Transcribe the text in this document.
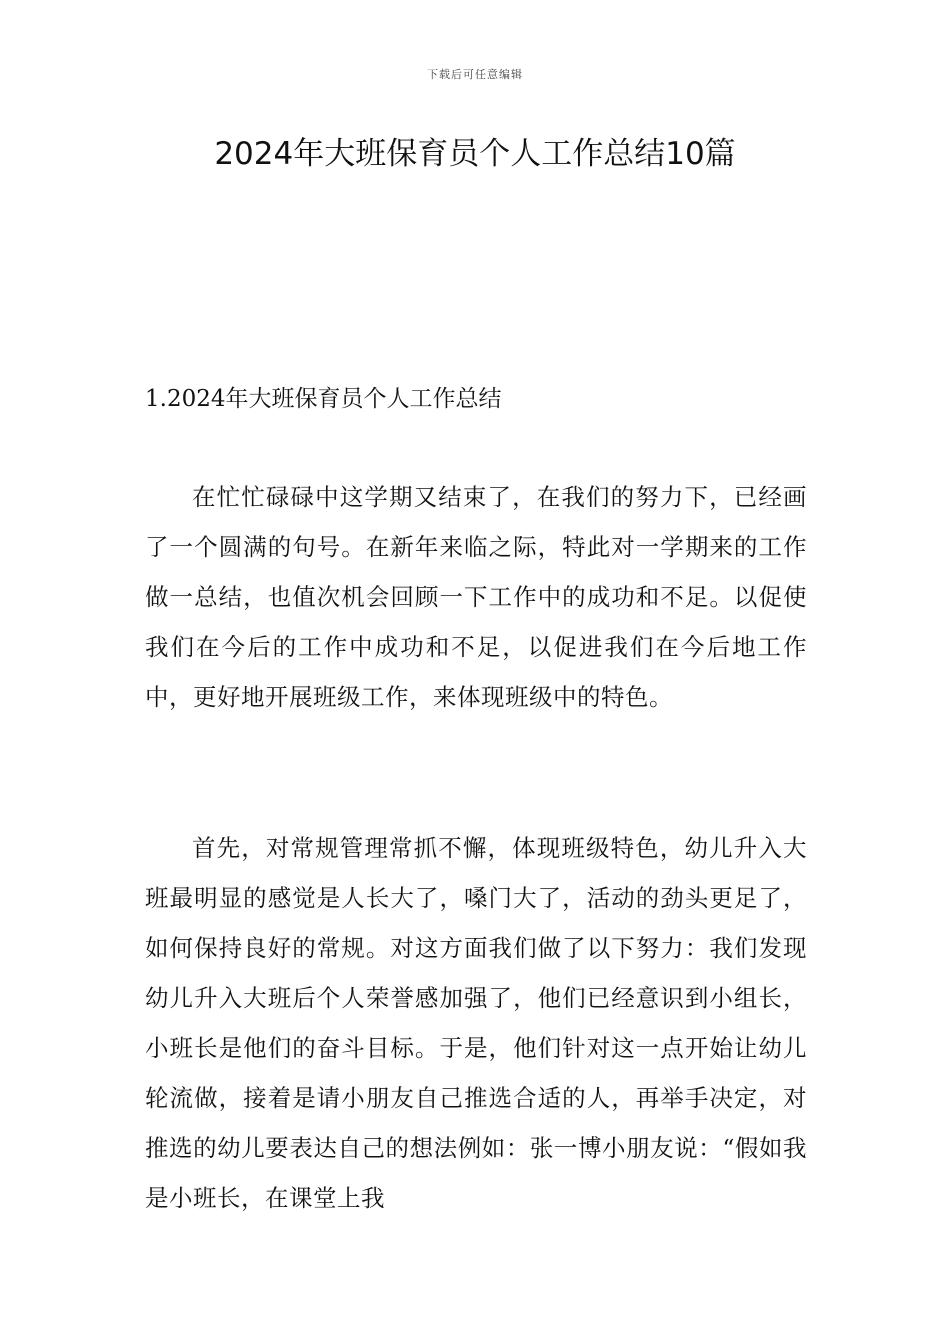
下载后可任意编辑
2024年大班保育员个人工作总结10篇
1.2024年大班保育员个人工作总结

在忙忙碌碌中这学期又结束了，在我们的努力下，已经画了一个圆满的句号。在新年来临之际，特此对一学期来的工作做一总结，也值次机会回顾一下工作中的成功和不足。以促使我们在今后的工作中成功和不足，以促进我们在今后地工作中，更好地开展班级工作，来体现班级中的特色。

首先，对常规管理常抓不懈，体现班级特色，幼儿升入大班最明显的感觉是人长大了，嗓门大了，活动的劲头更足了，如何保持良好的常规。对这方面我们做了以下努力：我们发现幼儿升入大班后个人荣誉感加强了，他们已经意识到小组长，小班长是他们的奋斗目标。于是，他们针对这一点开始让幼儿轮流做，接着是请小朋友自己推选合适的人，再举手决定，对推选的幼儿要表达自己的想法例如：张一博小朋友说：“假如我是小班长，在课堂上我
